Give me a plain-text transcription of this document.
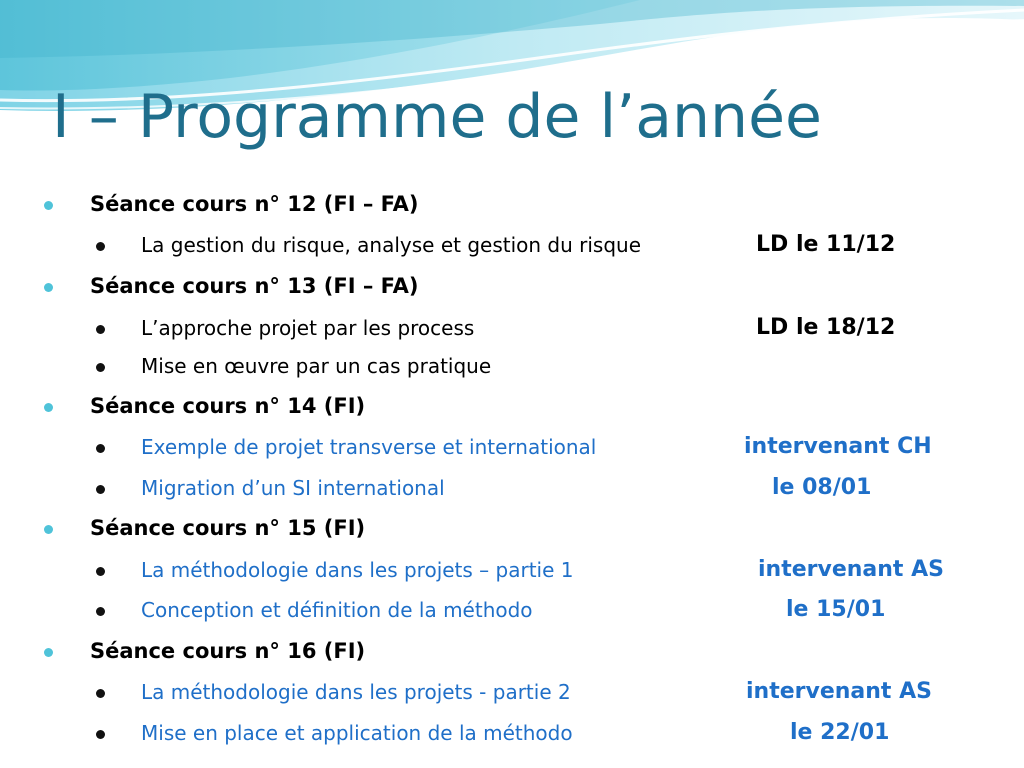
I – Programme de l’année
Séance cours n° 12 (FI – FA)
La gestion du risque, analyse et gestion du risque	LD le 11/12
Séance cours n° 13 (FI – FA)
L’approche projet par les process	LD le 18/12
Mise en œuvre par un cas pratique
Séance cours n° 14 (FI)
Exemple de projet transverse et international	intervenant CH
Migration d’un SI international	le 08/01
Séance cours n° 15 (FI)
La méthodologie dans les projets – partie 1	intervenant AS
Conception et définition de la méthodo	le 15/01
Séance cours n° 16 (FI)
La méthodologie dans les projets - partie 2	intervenant AS
Mise en place et application de la méthodo	le 22/01
